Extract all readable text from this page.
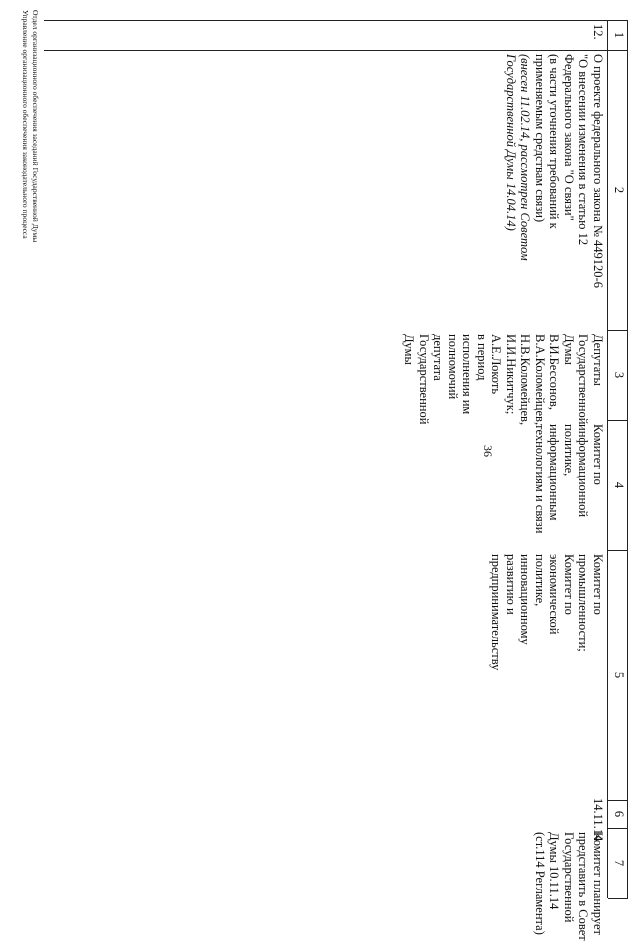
36
1
2
3
4
5
6
7
12.
О проекте федерального закона № 449120-6
"О внесении изменения в статью 12
Федерального закона "О связи"
(в части уточнения требований к
применяемым средствам связи)
(внесен 11.02.14, рассмотрен Советом
Государственной Думы 14.04.14)
Депутаты
Государственной
Думы
В.И.Бессонов,
В.А.Коломейцев,
Н.В.Коломейцев,
И.И.Никитчук;
А.Е.Локоть
в период
исполнения им
полномочий
депутата
Государственной
Думы
Комитет по
информационной
политике,
информационным
технологиям и связи
Комитет по
промышленности;
Комитет по
экономической
политике,
инновационному
развитию и
предпринимательству
14.11.14
Комитет планирует
представить в Совет
Государственной
Думы 10.11.14
(ст.114 Регламента)
Отдел организационного обеспечения заседаний Государственной Думы
Управление организационного обеспечения законодательного процесса
